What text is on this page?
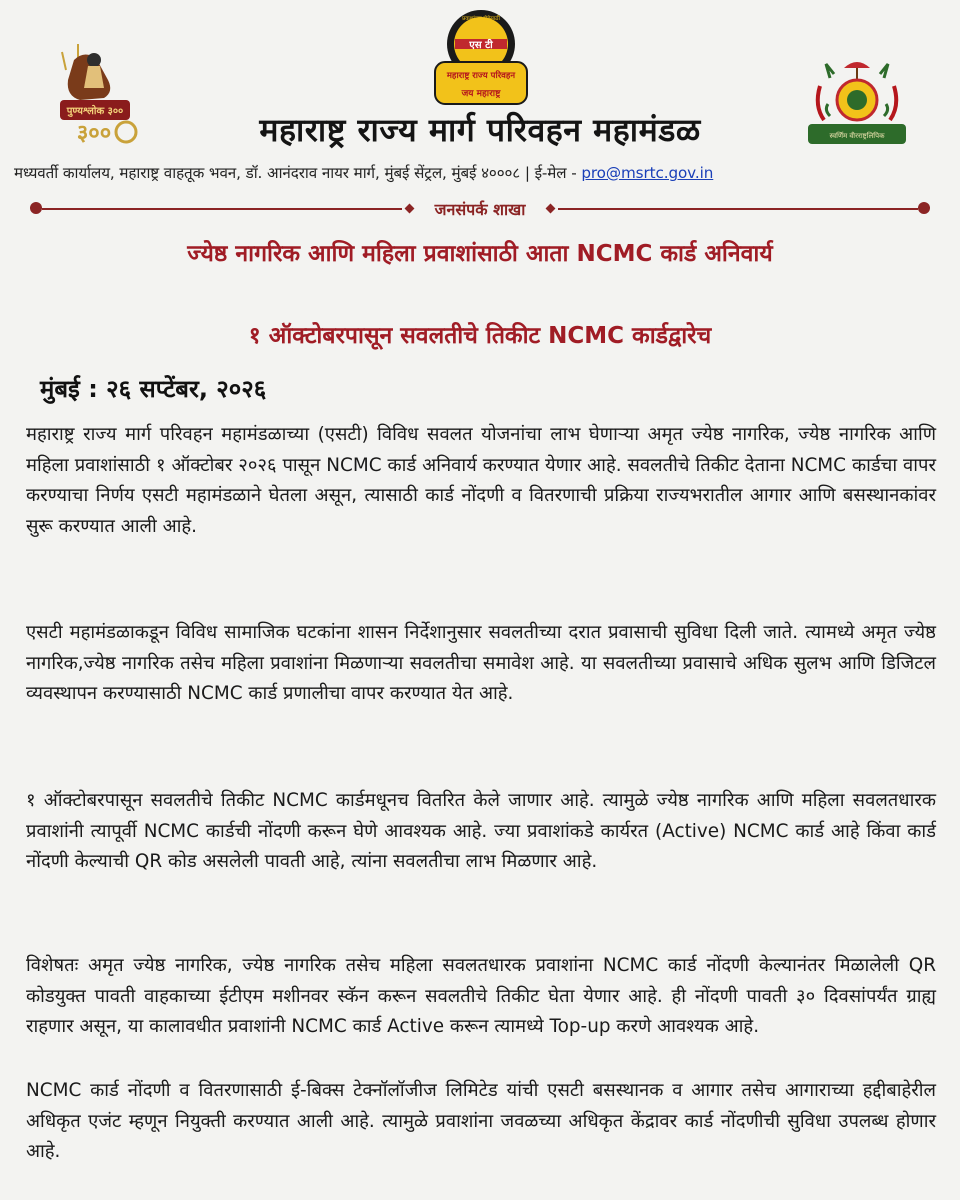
पुण्यश्लोक ३००
३००
एस टी
प्रवाशांच्या सेवेसाठी
महाराष्ट्र राज्य परिवहन
जय महाराष्ट्र
स्वर्णिम वीरराष्ट्रलिपिक
महाराष्ट्र राज्य मार्ग परिवहन महामंडळ
मध्यवर्ती कार्यालय, महाराष्ट्र वाहतूक भवन, डॉ. आनंदराव नायर मार्ग, मुंबई सेंट्रल, मुंबई ४०००८ | ई-मेल - pro@msrtc.gov.in
जनसंपर्क शाखा
ज्येष्ठ नागरिक आणि महिला प्रवाशांसाठी आता NCMC कार्ड अनिवार्य
१ ऑक्टोबरपासून सवलतीचे तिकीट NCMC कार्डद्वारेच
मुंबई : २६ सप्टेंबर, २०२६
महाराष्ट्र राज्य मार्ग परिवहन महामंडळाच्या (एसटी) विविध सवलत योजनांचा लाभ घेणाऱ्या अमृत ज्येष्ठ नागरिक, ज्येष्ठ नागरिक आणि महिला प्रवाशांसाठी १ ऑक्टोबर २०२६ पासून NCMC कार्ड अनिवार्य करण्यात येणार आहे. सवलतीचे तिकीट देताना NCMC कार्डचा वापर करण्याचा निर्णय एसटी महामंडळाने घेतला असून, त्यासाठी कार्ड नोंदणी व वितरणाची प्रक्रिया राज्यभरातील आगार आणि बसस्थानकांवर सुरू करण्यात आली आहे.
एसटी महामंडळाकडून विविध सामाजिक घटकांना शासन निर्देशानुसार सवलतीच्या दरात प्रवासाची सुविधा दिली जाते. त्यामध्ये अमृत ज्येष्ठ नागरिक,ज्येष्ठ नागरिक तसेच महिला प्रवाशांना मिळणाऱ्या सवलतीचा समावेश आहे. या सवलतीच्या प्रवासाचे अधिक सुलभ आणि डिजिटल व्यवस्थापन करण्यासाठी NCMC कार्ड प्रणालीचा वापर करण्यात येत आहे.
१ ऑक्टोबरपासून सवलतीचे तिकीट NCMC कार्डमधूनच वितरित केले जाणार आहे. त्यामुळे ज्येष्ठ नागरिक आणि महिला सवलतधारक प्रवाशांनी त्यापूर्वी NCMC कार्डची नोंदणी करून घेणे आवश्यक आहे. ज्या प्रवाशांकडे कार्यरत (Active) NCMC कार्ड आहे किंवा कार्ड नोंदणी केल्याची QR कोड असलेली पावती आहे, त्यांना सवलतीचा लाभ मिळणार आहे.
विशेषतः अमृत ज्येष्ठ नागरिक, ज्येष्ठ नागरिक तसेच महिला सवलतधारक प्रवाशांना NCMC कार्ड नोंदणी केल्यानंतर मिळालेली QR कोडयुक्त पावती वाहकाच्या ईटीएम मशीनवर स्कॅन करून सवलतीचे तिकीट घेता येणार आहे. ही नोंदणी पावती ३० दिवसांपर्यंत ग्राह्य राहणार असून, या कालावधीत प्रवाशांनी NCMC कार्ड Active करून त्यामध्ये Top-up करणे आवश्यक आहे.
NCMC कार्ड नोंदणी व वितरणासाठी ई-बिक्स टेक्नॉलॉजीज लिमिटेड यांची एसटी बसस्थानक व आगार तसेच आगाराच्या हद्दीबाहेरील अधिकृत एजंट म्हणून नियुक्ती करण्यात आली आहे. त्यामुळे प्रवाशांना जवळच्या अधिकृत केंद्रावर कार्ड नोंदणीची सुविधा उपलब्ध होणार आहे.
